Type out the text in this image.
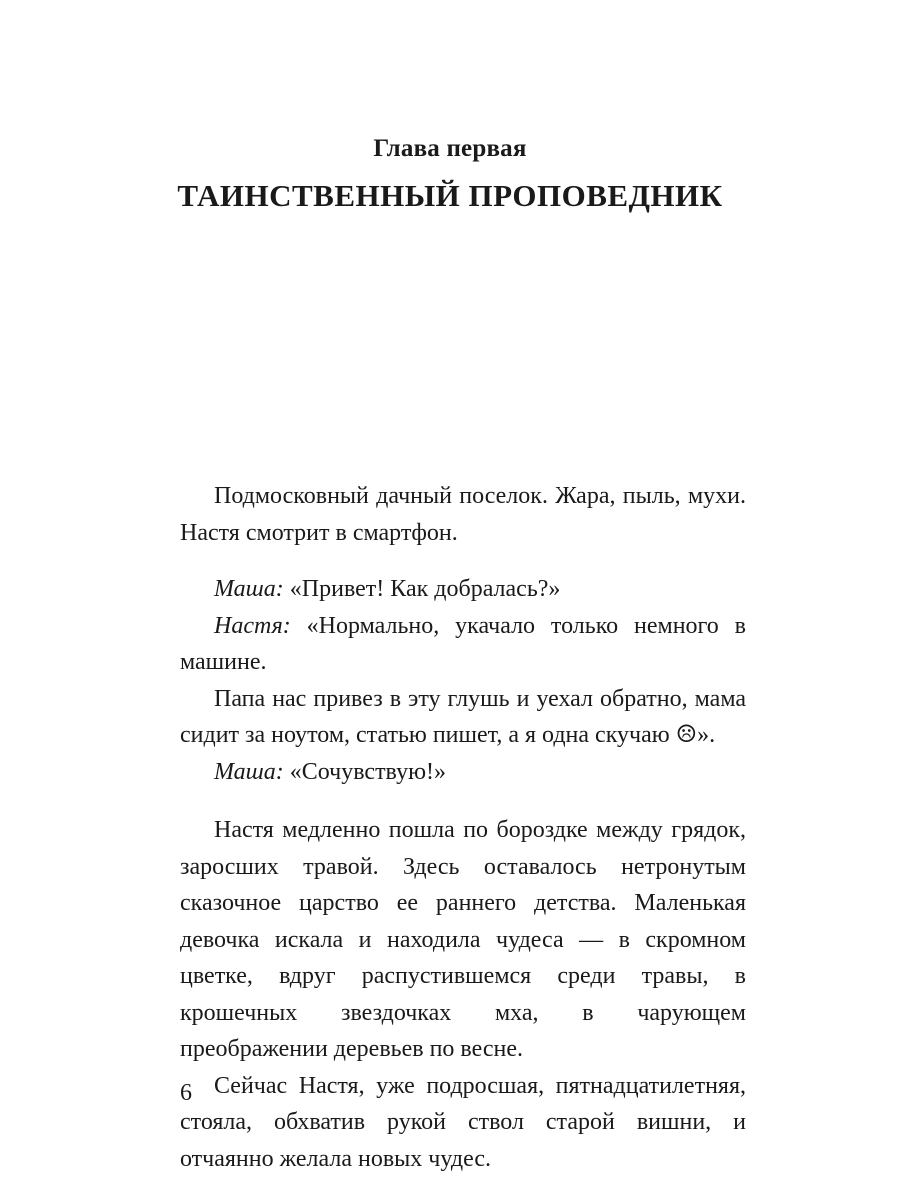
Глава первая
ТАИНСТВЕННЫЙ ПРОПОВЕДНИК

Подмосковный дачный поселок. Жара, пыль, мухи. Настя смотрит в смартфон.

Маша: «Привет! Как добралась?»

Настя: «Нормально, укачало только немного в машине.

Папа нас привез в эту глушь и уехал обратно, мама сидит за ноутом, статью пишет, а я одна скучаю ☹».

Маша: «Сочувствую!»

Настя медленно пошла по бороздке между грядок, заросших травой. Здесь оставалось нетронутым сказочное царство ее раннего детства. Маленькая девочка искала и находила чудеса — в скромном цветке, вдруг распустившемся среди травы, в крошечных звездочках мха, в чарующем преображении деревьев по весне.

Сейчас Настя, уже подросшая, пятнадцатилетняя, стояла, обхватив рукой ствол старой вишни, и отчаянно желала новых чудес.

6
